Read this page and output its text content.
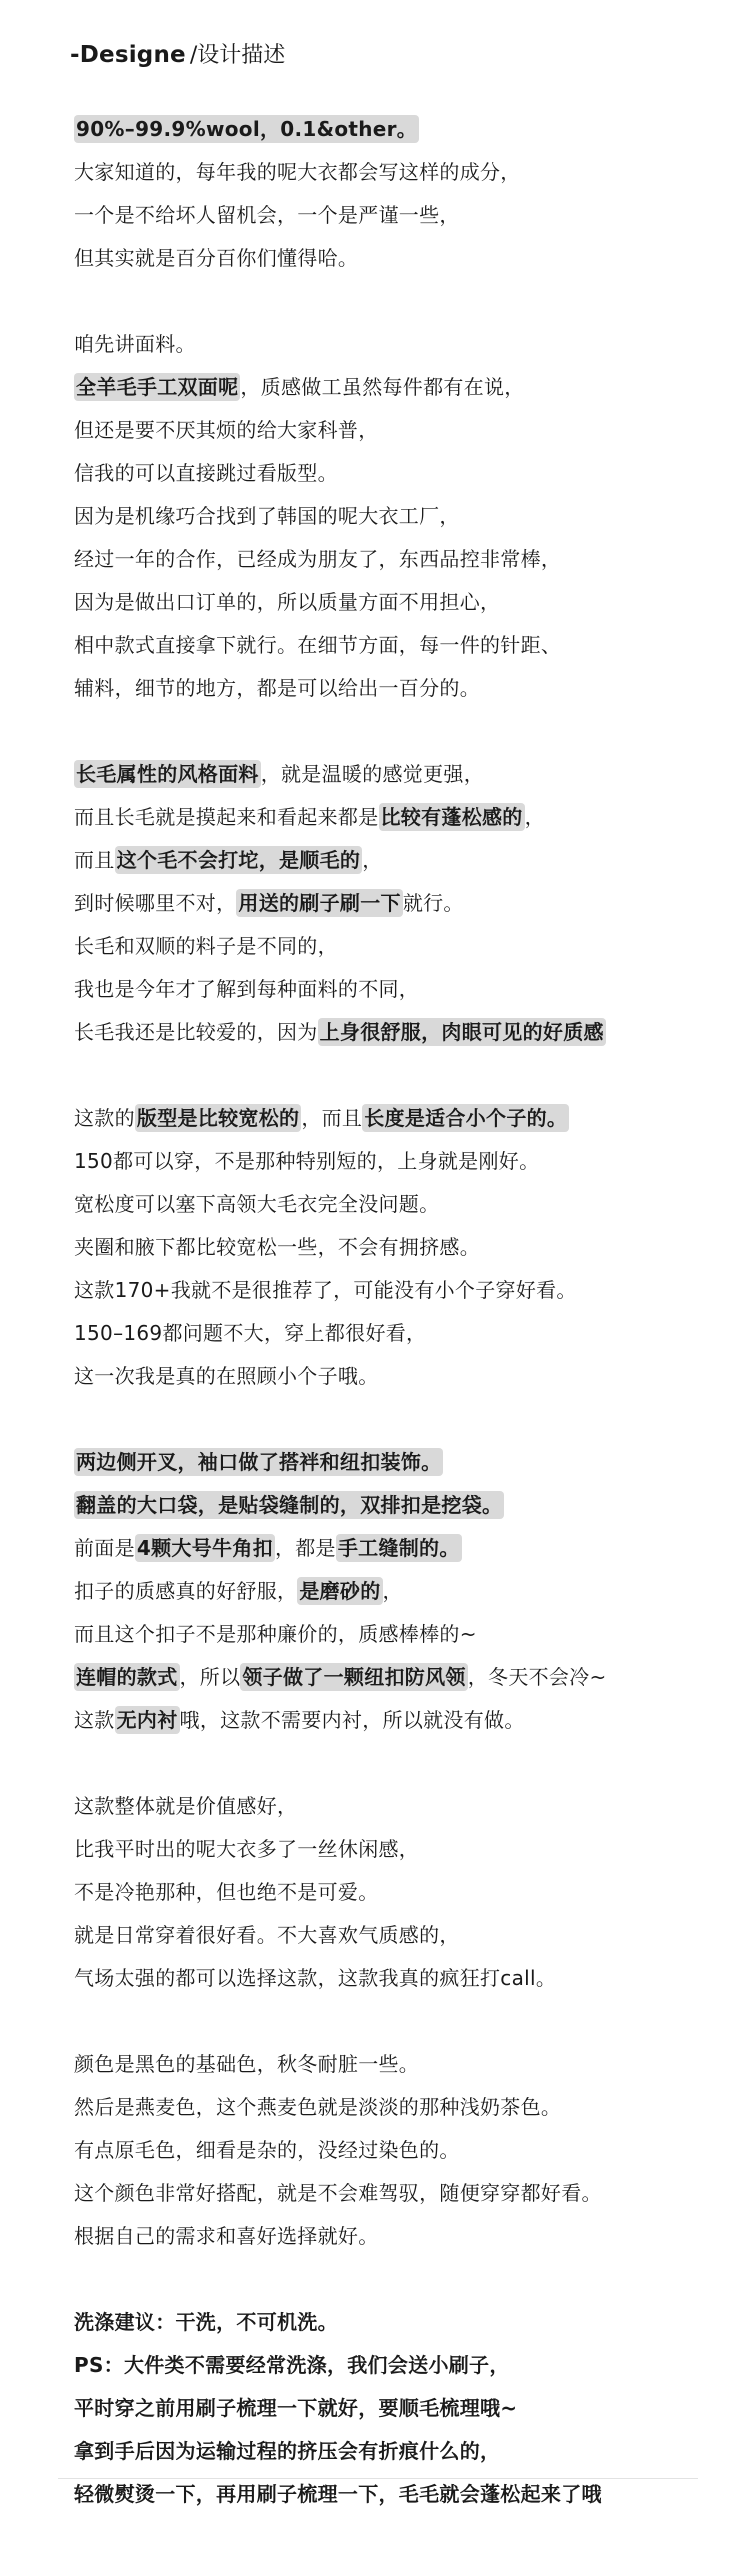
-Designe /设计描述
90%–99.9%wool，0.1&other。
大家知道的，每年我的呢大衣都会写这样的成分，
一个是不给坏人留机会，一个是严谨一些，
但其实就是百分百你们懂得哈。
咱先讲面料。
全羊毛手工双面呢 ，质感做工虽然每件都有在说，
但还是要不厌其烦的给大家科普，
信我的可以直接跳过看版型。
因为是机缘巧合找到了韩国的呢大衣工厂，
经过一年的合作，已经成为朋友了，东西品控非常棒，
因为是做出口订单的，所以质量方面不用担心，
相中款式直接拿下就行。在细节方面，每一件的针距、
辅料，细节的地方，都是可以给出一百分的。
长毛属性的风格面料 ，就是温暖的感觉更强，
而且长毛就是摸起来和看起来都是 比较有蓬松感的 ，
而且 这个毛不会打坨，是顺毛的 ，
到时候哪里不对， 用送的刷子刷一下 就行。
长毛和双顺的料子是不同的，
我也是今年才了解到每种面料的不同，
长毛我还是比较爱的，因为 上身很舒服，肉眼可见的好质感
这款的 版型是比较宽松的 ，而且 长度是适合小个子的。
150都可以穿，不是那种特别短的，上身就是刚好。
宽松度可以塞下高领大毛衣完全没问题。
夹圈和腋下都比较宽松一些，不会有拥挤感。
这款170+我就不是很推荐了，可能没有小个子穿好看。
150–169都问题不大，穿上都很好看，
这一次我是真的在照顾小个子哦。
两边侧开叉，袖口做了搭袢和纽扣装饰。
翻盖的大口袋，是贴袋缝制的，双排扣是挖袋。
前面是 4颗大号牛角扣 ，都是 手工缝制的。
扣子的质感真的好舒服， 是磨砂的 ，
而且这个扣子不是那种廉价的，质感棒棒的~
连帽的款式 ，所以 领子做了一颗纽扣防风领 ，冬天不会冷~
这款 无内衬 哦，这款不需要内衬，所以就没有做。
这款整体就是价值感好，
比我平时出的呢大衣多了一丝休闲感，
不是冷艳那种，但也绝不是可爱。
就是日常穿着很好看。不大喜欢气质感的，
气场太强的都可以选择这款，这款我真的疯狂打call。
颜色是黑色的基础色，秋冬耐脏一些。
然后是燕麦色，这个燕麦色就是淡淡的那种浅奶茶色。
有点原毛色，细看是杂的，没经过染色的。
这个颜色非常好搭配，就是不会难驾驭，随便穿穿都好看。
根据自己的需求和喜好选择就好。
洗涤建议：干洗，不可机洗。
PS：大件类不需要经常洗涤，我们会送小刷子，
平时穿之前用刷子梳理一下就好，要顺毛梳理哦~
拿到手后因为运输过程的挤压会有折痕什么的，
轻微熨烫一下，再用刷子梳理一下，毛毛就会蓬松起来了哦
